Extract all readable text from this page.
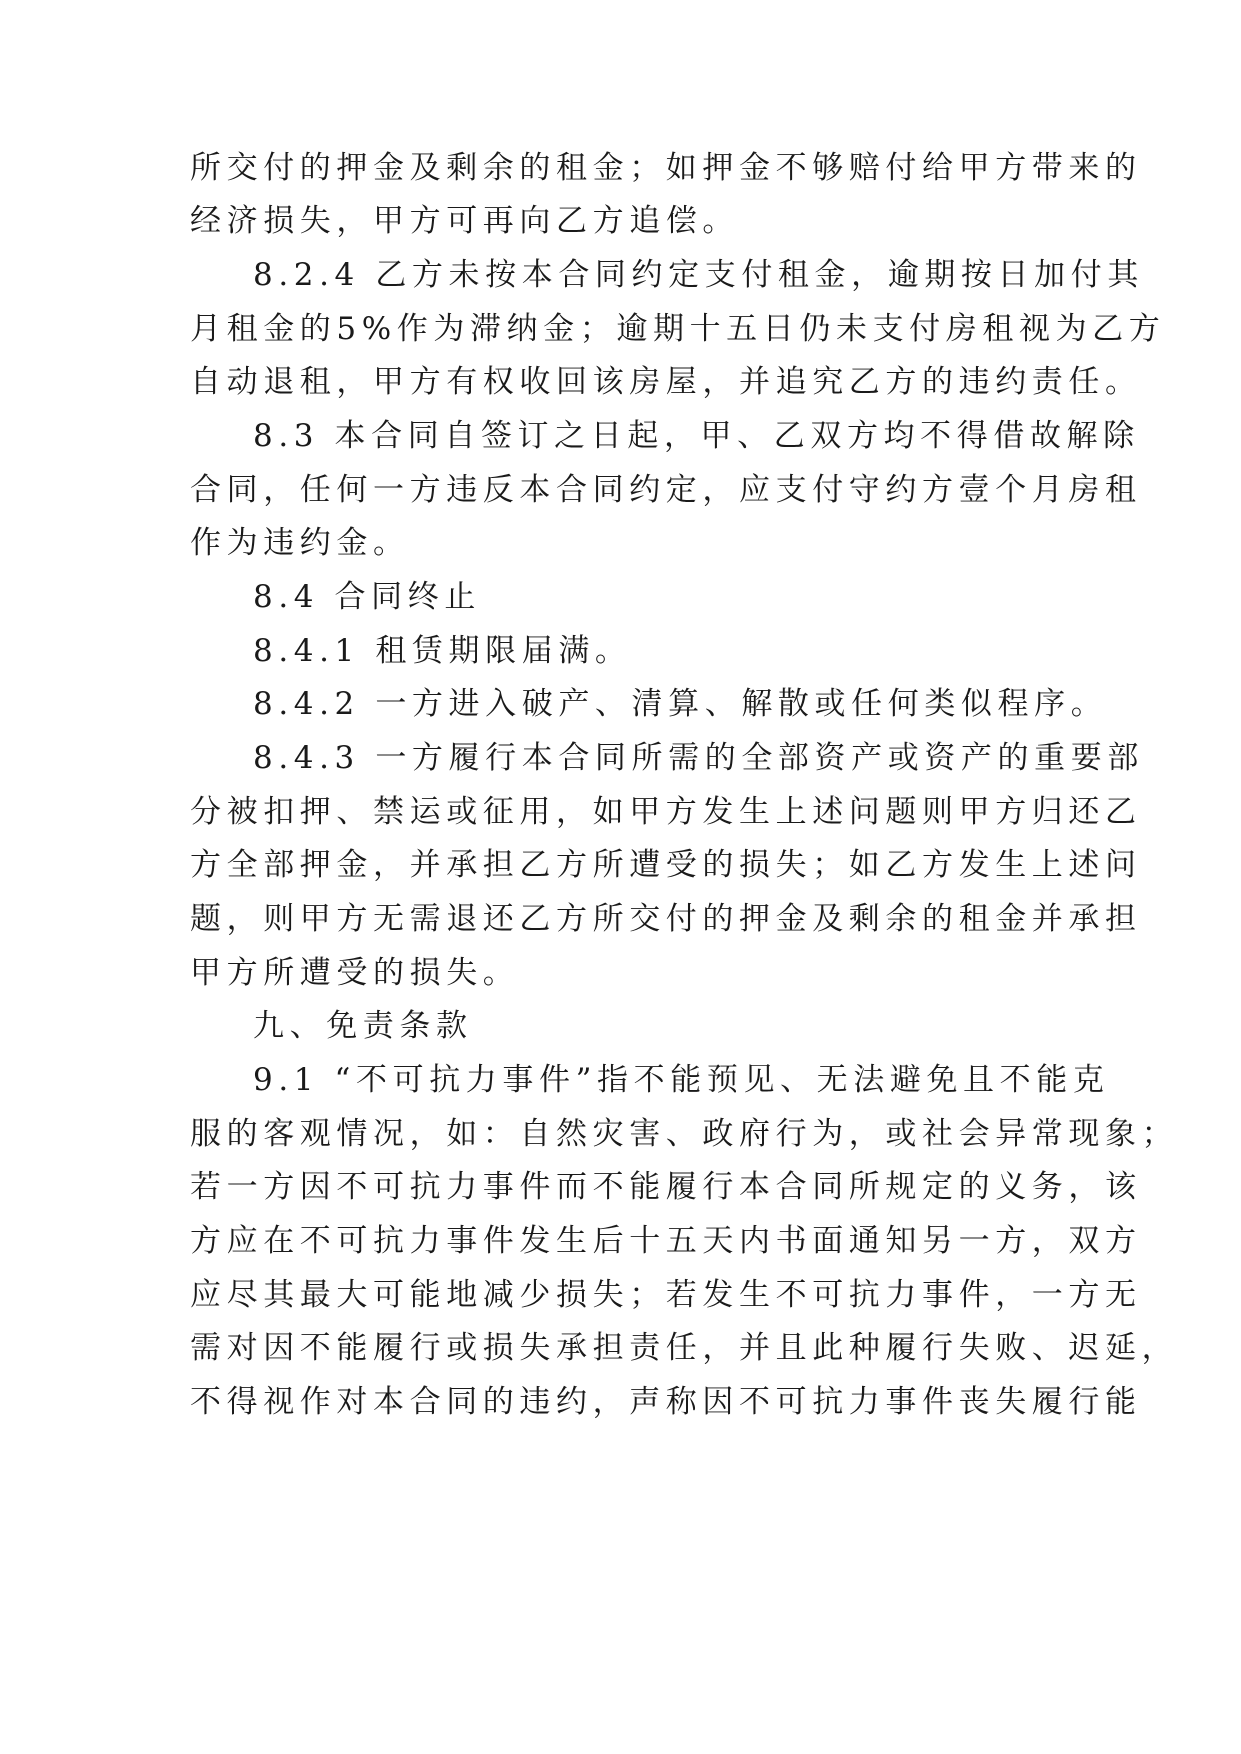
所交付的押金及剩余的租金；如押金不够赔付给甲方带来的
经济损失，甲方可再向乙方追偿。
8.2.4 乙方未按本合同约定支付租金，逾期按日加付其
月租金的5%作为滞纳金；逾期十五日仍未支付房租视为乙方
自动退租，甲方有权收回该房屋，并追究乙方的违约责任。
8.3 本合同自签订之日起，甲、乙双方均不得借故解除
合同，任何一方违反本合同约定，应支付守约方壹个月房租
作为违约金。
8.4 合同终止
8.4.1 租赁期限届满。
8.4.2 一方进入破产、清算、解散或任何类似程序。
8.4.3 一方履行本合同所需的全部资产或资产的重要部
分被扣押、禁运或征用，如甲方发生上述问题则甲方归还乙
方全部押金，并承担乙方所遭受的损失；如乙方发生上述问
题，则甲方无需退还乙方所交付的押金及剩余的租金并承担
甲方所遭受的损失。
九、免责条款
9.1 “不可抗力事件”指不能预见、无法避免且不能克
服的客观情况，如：自然灾害、政府行为，或社会异常现象；
若一方因不可抗力事件而不能履行本合同所规定的义务，该
方应在不可抗力事件发生后十五天内书面通知另一方，双方
应尽其最大可能地减少损失；若发生不可抗力事件，一方无
需对因不能履行或损失承担责任，并且此种履行失败、迟延，
不得视作对本合同的违约，声称因不可抗力事件丧失履行能
